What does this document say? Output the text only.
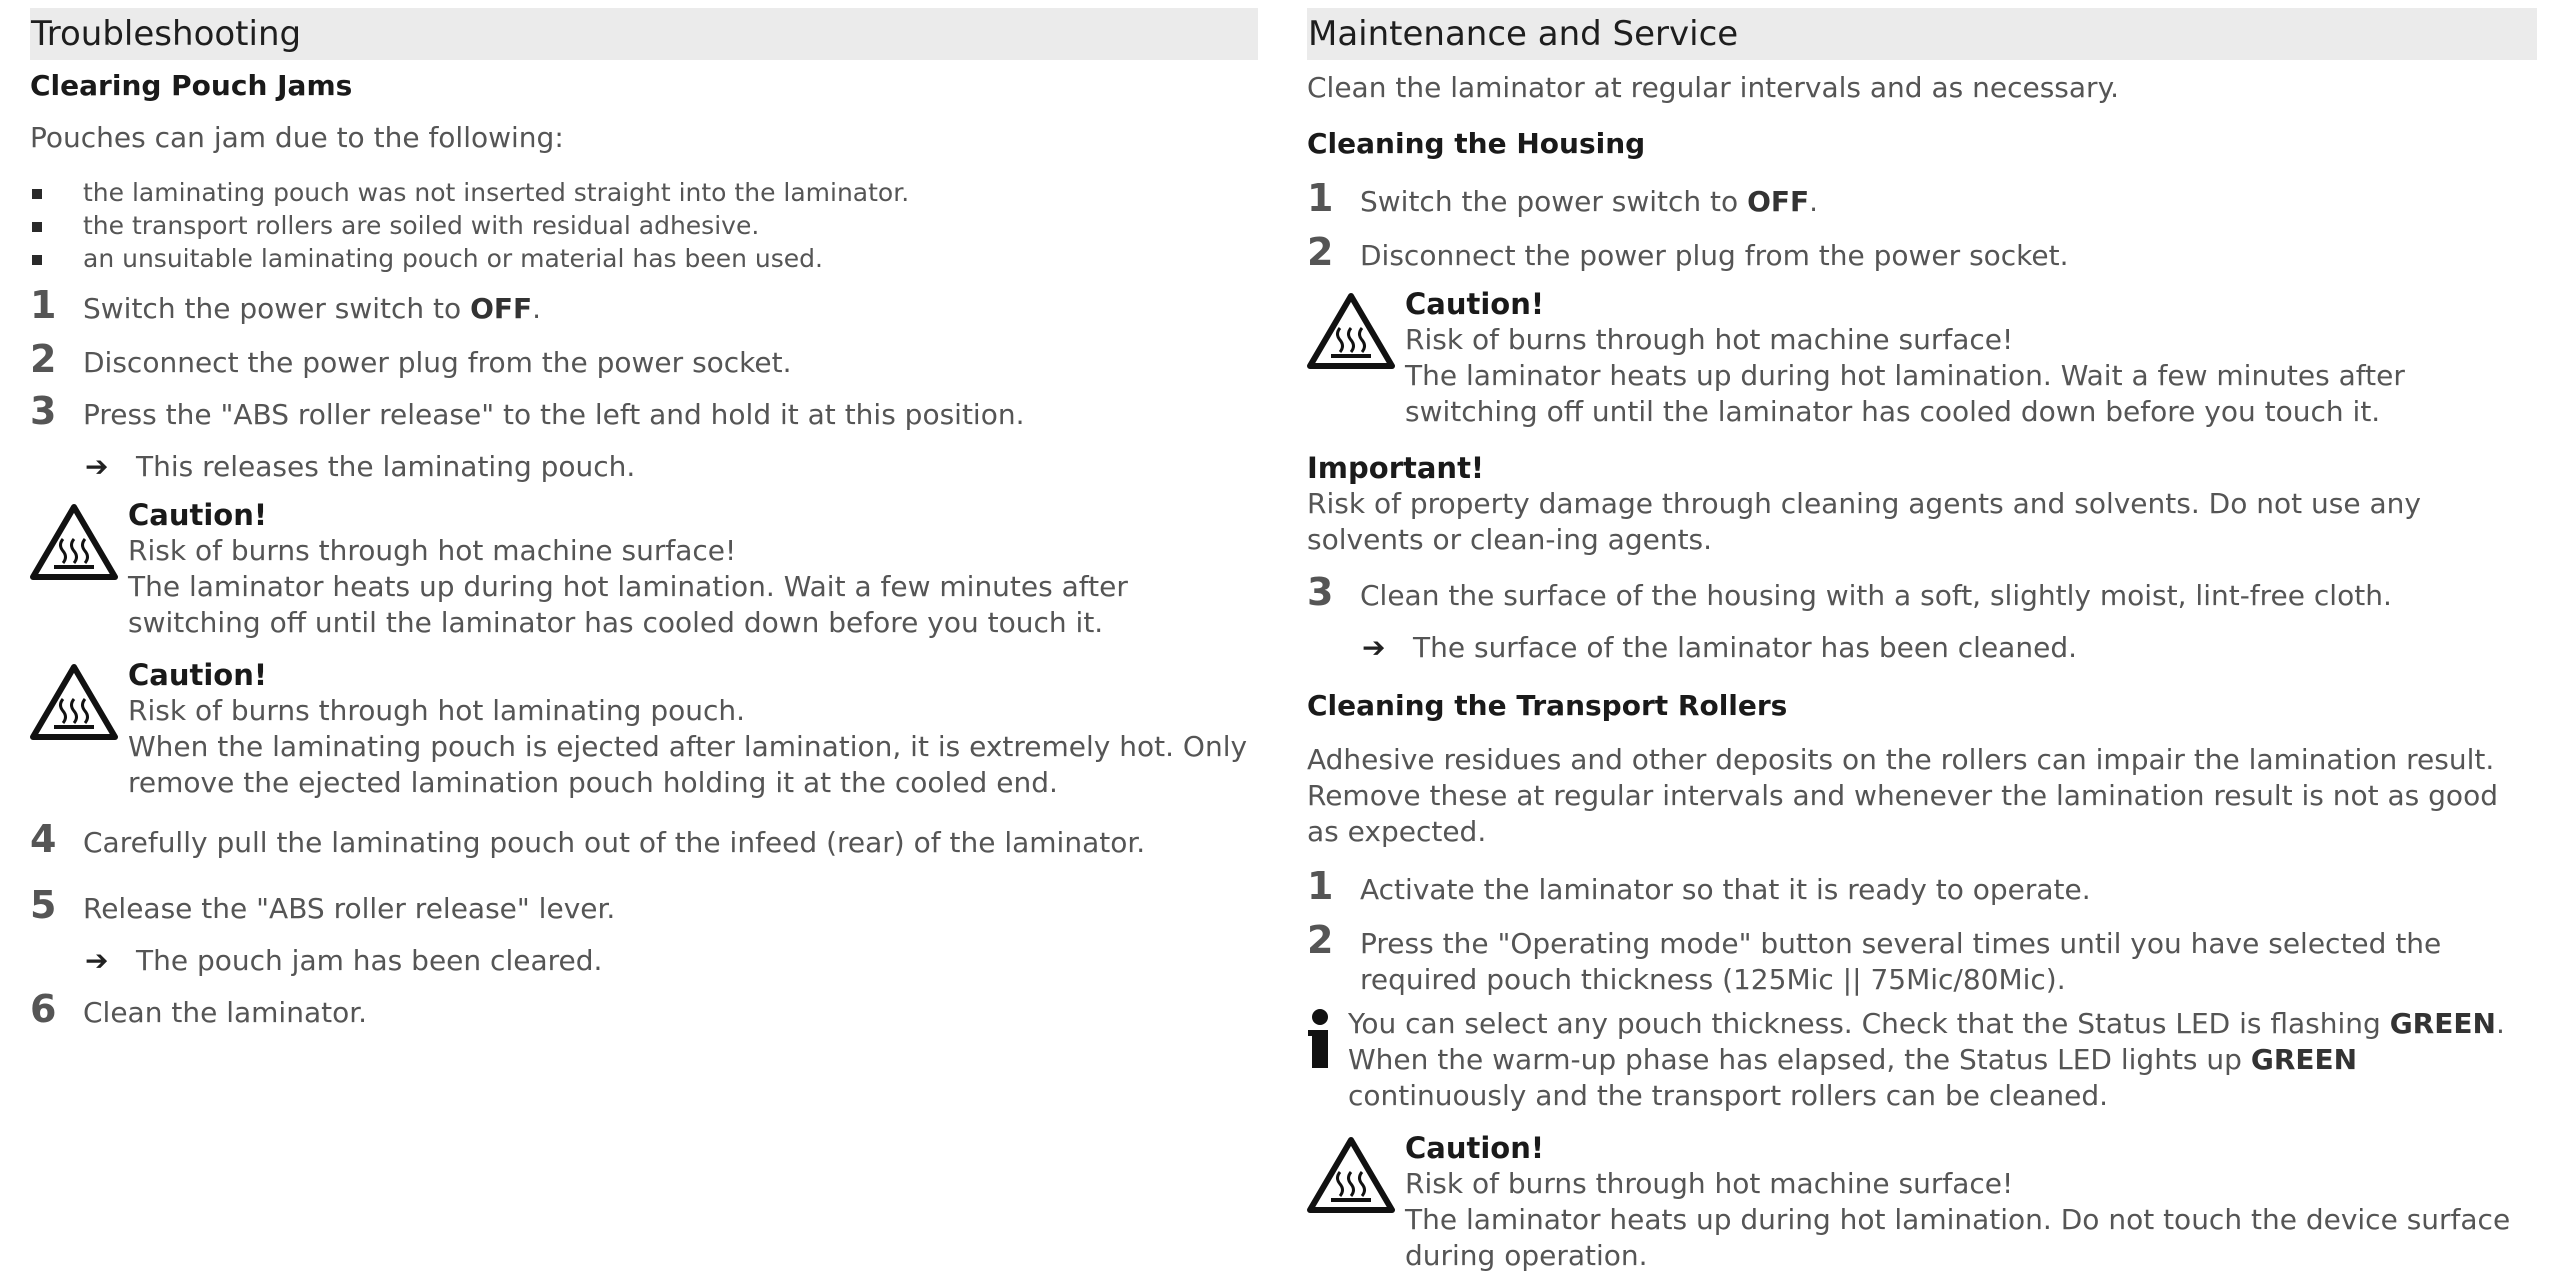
Troubleshooting
Clearing Pouch Jams
Pouches can jam due to the following:
the laminating pouch was not inserted straight into the laminator.
the transport rollers are soiled with residual adhesive.
an unsuitable laminating pouch or material has been used.
1 Switch the power switch to OFF.
2 Disconnect the power plug from the power socket.
3 Press the "ABS roller release" to the left and hold it at this position.
➔ This releases the laminating pouch.
Caution!
Risk of burns through hot machine surface!
The laminator heats up during hot lamination. Wait a few minutes after switching off until the laminator has cooled down before you touch it.
Caution!
Risk of burns through hot laminating pouch.
When the laminating pouch is ejected after lamination, it is extremely hot. Only remove the ejected lamination pouch holding it at the cooled end.
4 Carefully pull the laminating pouch out of the infeed (rear) of the laminator.
5 Release the "ABS roller release" lever.
➔ The pouch jam has been cleared.
6 Clean the laminator.
Maintenance and Service
Clean the laminator at regular intervals and as necessary.
Cleaning the Housing
1 Switch the power switch to OFF.
2 Disconnect the power plug from the power socket.
Caution!
Risk of burns through hot machine surface!
The laminator heats up during hot lamination. Wait a few minutes after switching off until the laminator has cooled down before you touch it.
Important!
Risk of property damage through cleaning agents and solvents. Do not use any solvents or clean-ing agents.
3 Clean the surface of the housing with a soft, slightly moist, lint-free cloth.
➔ The surface of the laminator has been cleaned.
Cleaning the Transport Rollers
Adhesive residues and other deposits on the rollers can impair the lamination result. Remove these at regular intervals and whenever the lamination result is not as good as expected.
1 Activate the laminator so that it is ready to operate.
2 Press the "Operating mode" button several times until you have selected the required pouch thickness (125Mic || 75Mic/80Mic).
You can select any pouch thickness. Check that the Status LED is flashing GREEN. When the warm-up phase has elapsed, the Status LED lights up GREEN continuously and the transport rollers can be cleaned.
Caution!
Risk of burns through hot machine surface!
The laminator heats up during hot lamination. Do not touch the device surface during operation.
